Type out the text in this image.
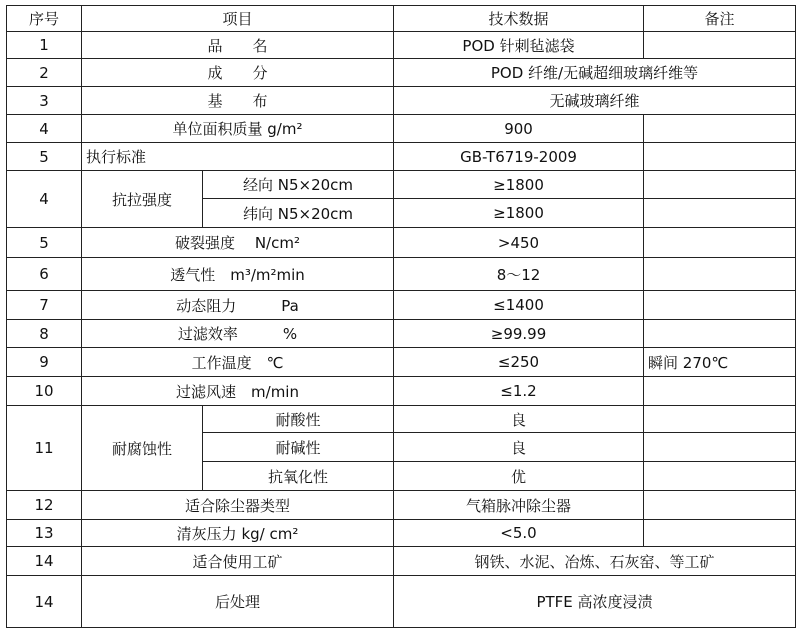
序号	项目		技术数据	备注
1	品　　名		POD 针刺毡滤袋	
2	成　　分		POD 纤维/无碱超细玻璃纤维等	
3	基　　布		无碱玻璃纤维	
4	单位面积质量 g/m²		900	
5	执行标准		GB-T6719-2009	
4	抗拉强度	经向 N5×20cm	≥1800	
		纬向 N5×20cm	≥1800	
5	破裂强度　 N/cm²		>450	
6	透气性　m³/m²min		8～12	
7	动态阻力　　　Pa		≤1400	
8	过滤效率　　　%		≥99.99	
9	工作温度　℃		≤250	瞬间 270℃
10	过滤风速　m/min		≤1.2	
11	耐腐蚀性	耐酸性	良	
		耐碱性	良	
		抗氧化性	优	
12	适合除尘器类型		气箱脉冲除尘器	
13	清灰压力 kg/ cm²		<5.0	
14	适合使用工矿		钢铁、水泥、冶炼、石灰窑、等工矿	
14	后处理		PTFE 高浓度浸渍	
